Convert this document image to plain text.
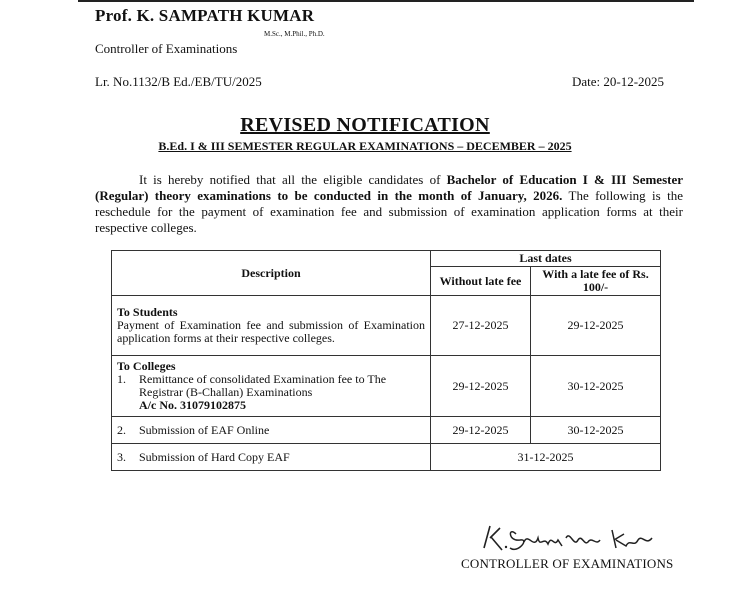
Prof. K. SAMPATH KUMAR
M.Sc., M.Phil., Ph.D.
Controller of Examinations
Lr. No.1132/B Ed./EB/TU/2025	Date: 20-12-2025
REVISED NOTIFICATION
B.Ed. I & III SEMESTER REGULAR EXAMINATIONS – DECEMBER – 2025
It is hereby notified that all the eligible candidates of Bachelor of Education I & III Semester (Regular) theory examinations to be conducted in the month of January, 2026. The following is the reschedule for the payment of examination fee and submission of examination application forms at their respective colleges.
Description	Last dates	
	Without late fee	With a late fee of Rs. 100/-

To Students
Payment of Examination fee and submission of Examination application forms at their respective colleges.	27-12-2025	29-12-2025

To Colleges
1. Remittance of consolidated Examination fee to The Registrar (B-Challan) Examinations
A/c No. 31079102875	29-12-2025	30-12-2025
2. Submission of EAF Online	29-12-2025	30-12-2025
3. Submission of Hard Copy EAF	31-12-2025	
CONTROLLER OF EXAMINATIONS
